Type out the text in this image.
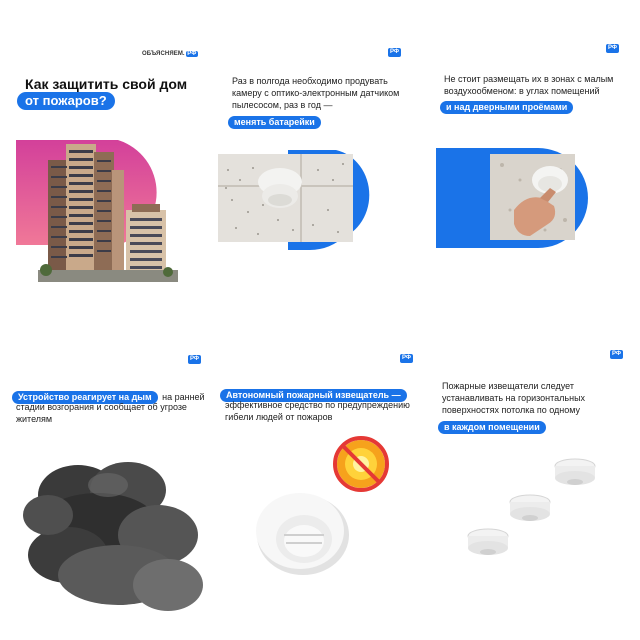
ОБЪЯСНЯЕМ. РФ
Как защитить свой дом
от пожаров?
РФ
Раз в полгода необходимо продувать камеру с оптико-электронным датчиком пылесосом, раз в год —
менять батарейки
РФ
Не стоит размещать их в зонах с малым воздухообменом: в углах помещений
и над дверными проёмами
РФ
Устройство реагирует на дым на ранней
стадии возгорания и сообщает об угрозе жителям
РФ
Автономный пожарный извещатель —
эффективное средство по предупреждению гибели людей от пожаров
РФ
Пожарные извещатели следует устанавливать на горизонтальных поверхностях потолка по одному
в каждом помещении
